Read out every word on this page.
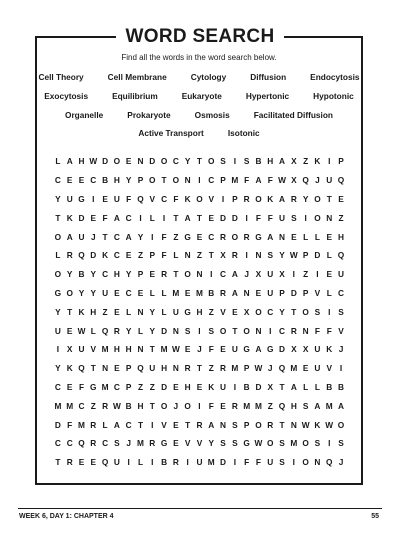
WORD SEARCH
Find all the words in the word search below.
Cell Theory	Cell Membrane	Cytology	Diffusion	Endocytosis
Exocytosis	Equilibrium	Eukaryote	Hypertonic	Hypotonic
Organelle	Prokaryote	Osmosis	Facilitated Diffusion
Active Transport	Isotonic
L A H W D O E N D O C Y T O S I S B H A X Z K I P
C E E C B H Y P O T O N I C P M F A F W X Q J U Q
Y U G I E U F Q V C F K O V I P R O K A R Y O T E
T K D E F A C I L I T A T E D D I F F U S I O N Z
O A U J T C A Y I F Z G E C R O R G A N E L L E H
L R Q D K C E Z P F L N Z T X R I N S Y W P D L Q
O Y B Y C H Y P E R T O N I C A J X U X I Z I E U
G O Y Y U E C E L L M E M B R A N E U P D P V L C
Y T K H Z E L N Y L U G H Z V E X O C Y T O S I S
U E W L Q R Y L Y D N S I S O T O N I C R N F F V
I X U V M H H N T M W E J F E U G A G D X X U K J
Y K Q T N E P Q U H N R T Z R M P W J Q M E U V I
C E F G M C P Z Z D E H E K U I B D X T A L L B B
M M C Z R W B H T O J O I F E R M M Z Q H S A M A
D F M R L A C T I V E T R A N S P O R T N W K W O
C C Q R C S J M R G E V V Y S S G W O S M O S I S
T R E E Q U I L I B R I U M D I F F U S I O N Q J
WEEK 6, DAY 1: CHAPTER 4	55
